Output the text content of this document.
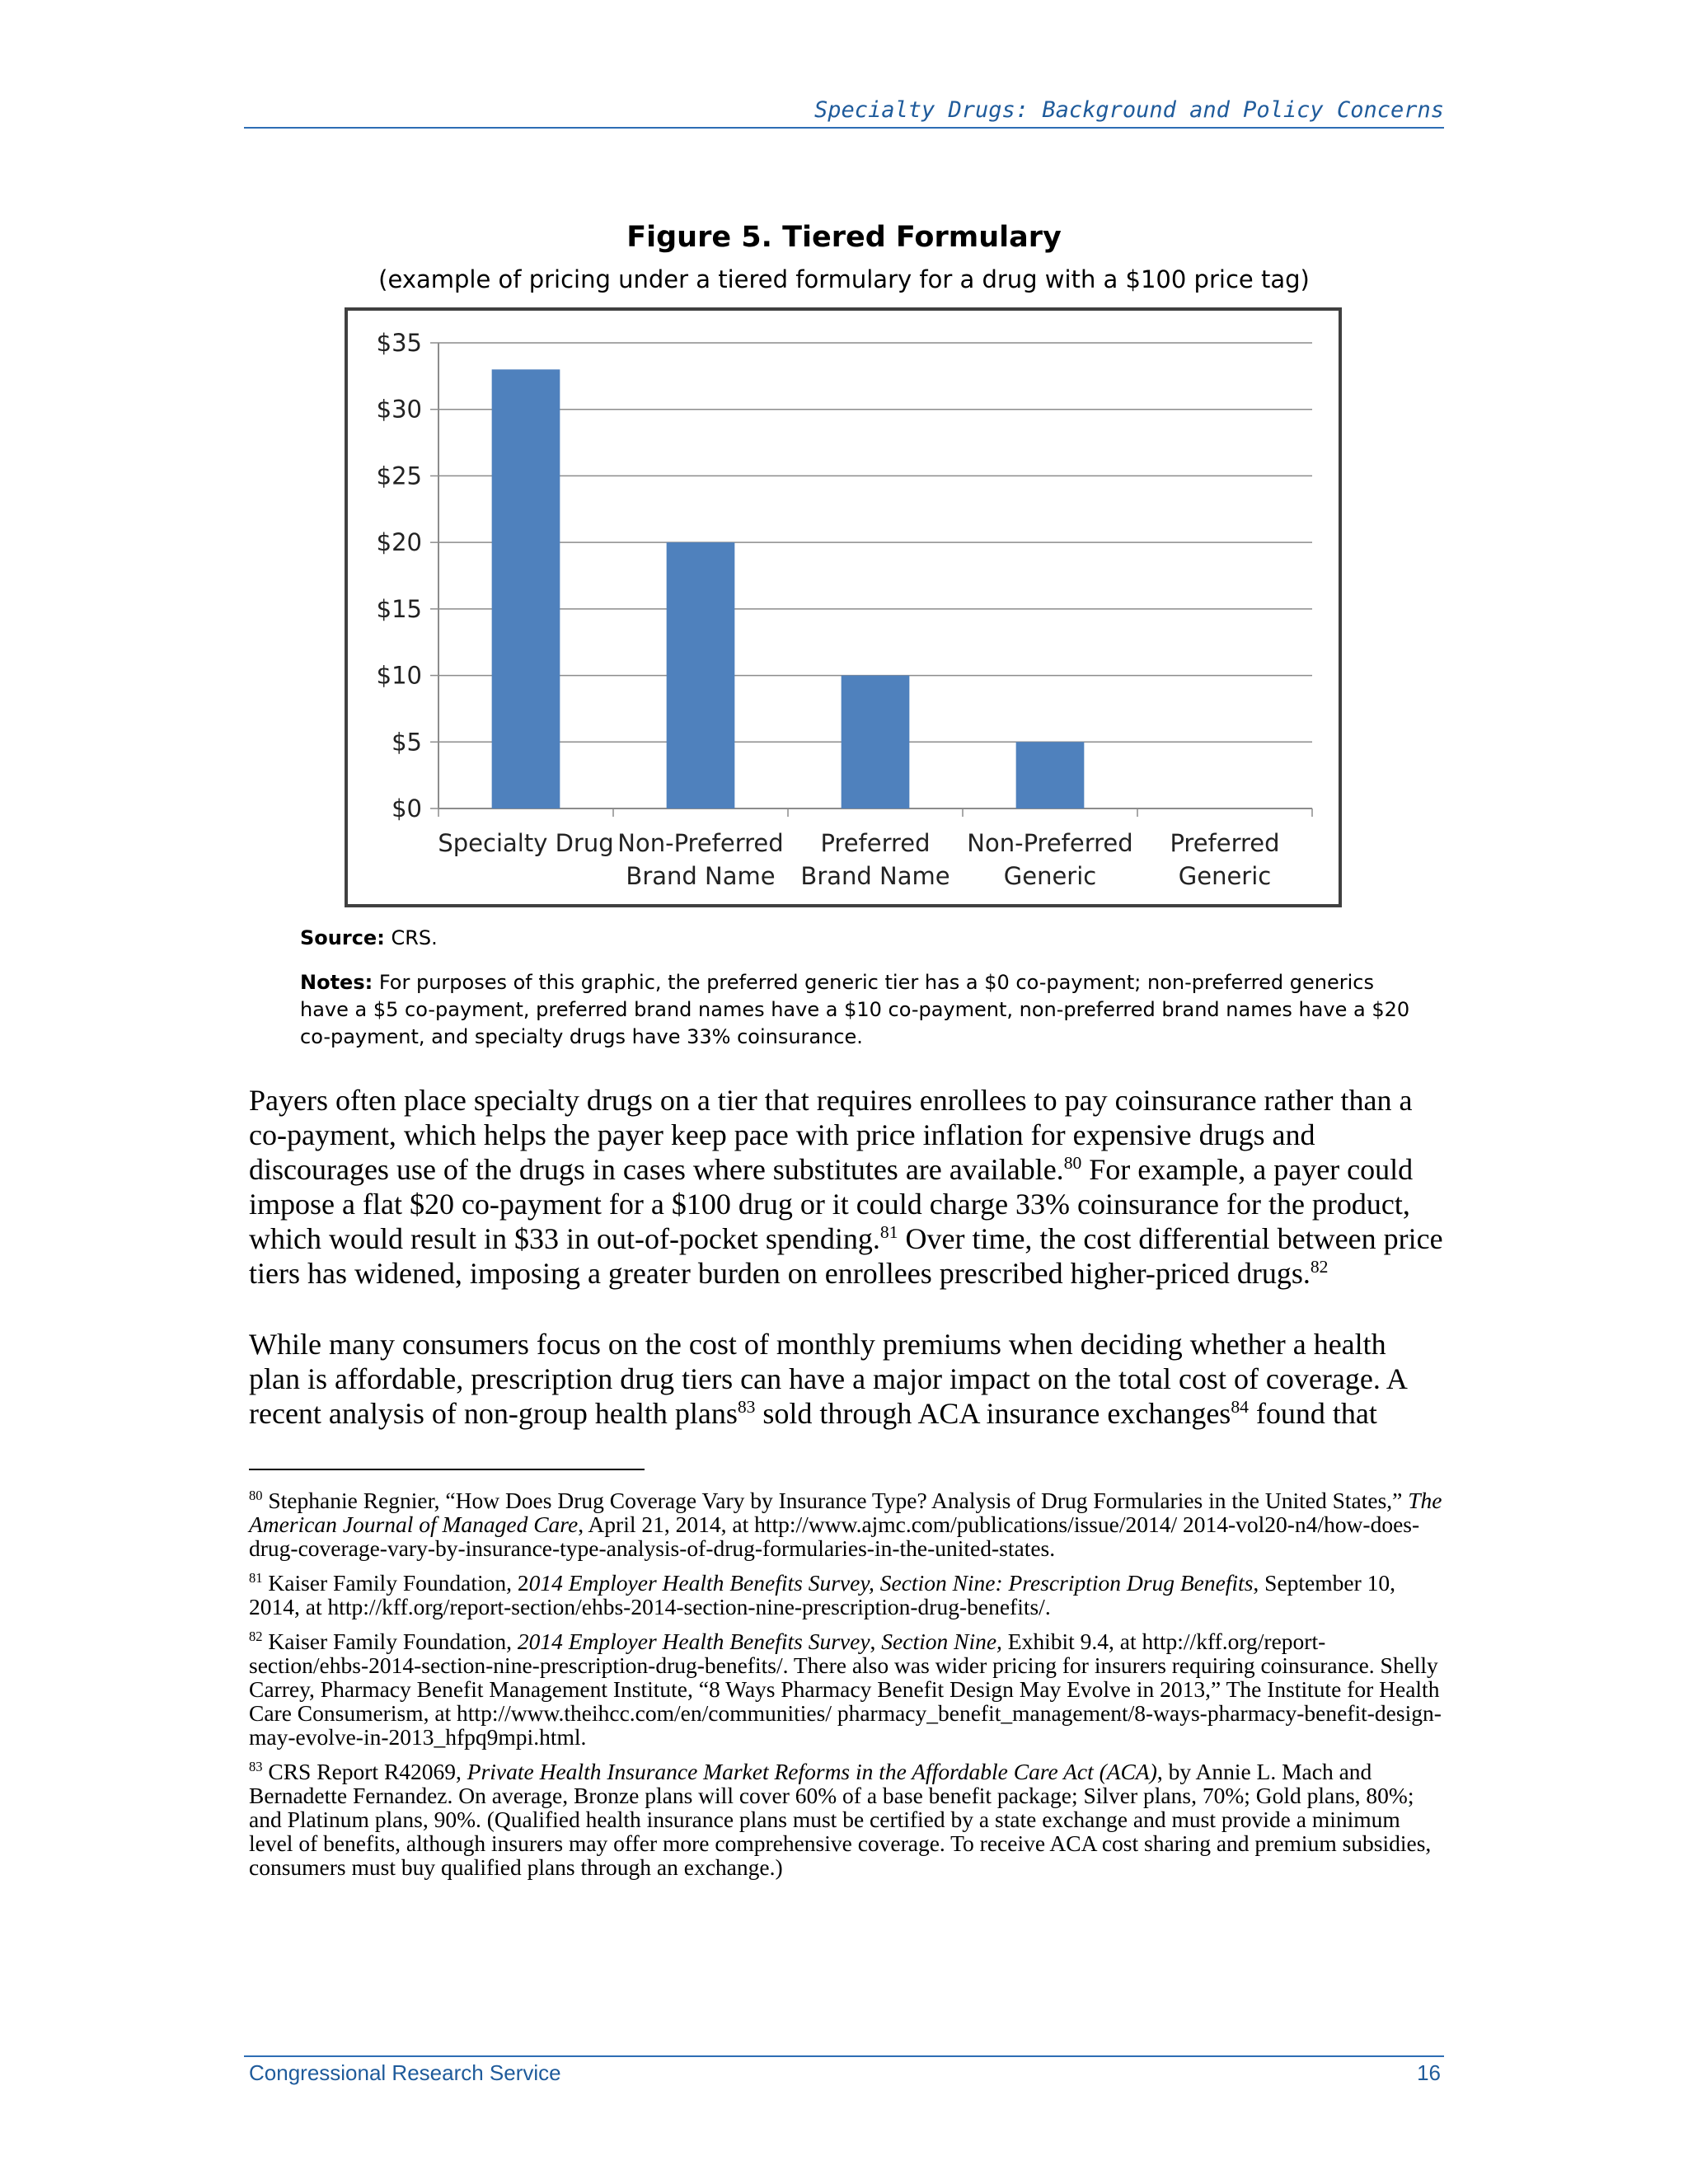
Specialty Drugs: Background and Policy Concerns
Figure 5. Tiered Formulary
(example of pricing under a tiered formulary for a drug with a $100 price tag)
$0
$5
$10
$15
$20
$25
$30
$35
Specialty Drug Non-Preferred
Brand Name
Preferred
Brand Name
Non-Preferred
Generic
Preferred
Generic
Source: CRS.
Notes: For purposes of this graphic, the preferred generic tier has a $0 co-payment; non-preferred generics have a $5 co-payment, preferred brand names have a $10 co-payment, non-preferred brand names have a $20 co-payment, and specialty drugs have 33% coinsurance.

Payers often place specialty drugs on a tier that requires enrollees to pay coinsurance rather than a co-payment, which helps the payer keep pace with price inflation for expensive drugs and discourages use of the drugs in cases where substitutes are available.$^{80}$ For example, a payer could impose a flat $20 co-payment for a $100 drug or it could charge 33% coinsurance for the product, which would result in $33 in out-of-pocket spending.$^{81}$ Over time, the cost differential between price tiers has widened, imposing a greater burden on enrollees prescribed higher-priced drugs.$^{82}$

While many consumers focus on the cost of monthly premiums when deciding whether a health plan is affordable, prescription drug tiers can have a major impact on the total cost of coverage. A recent analysis of non-group health plans$^{83}$ sold through ACA insurance exchanges$^{84}$ found that

$^{80}$ Stephanie Regnier, “How Does Drug Coverage Vary by Insurance Type? Analysis of Drug Formularies in the United States,” The American Journal of Managed Care, April 21, 2014, at http://www.ajmc.com/publications/issue/2014/ 2014-vol20-n4/how-does-drug-coverage-vary-by-insurance-type-analysis-of-drug-formularies-in-the-united-states.

$^{81}$ Kaiser Family Foundation, 2014 Employer Health Benefits Survey, Section Nine: Prescription Drug Benefits, September 10, 2014, at http://kff.org/report-section/ehbs-2014-section-nine-prescription-drug-benefits/.

$^{82}$ Kaiser Family Foundation, 2014 Employer Health Benefits Survey, Section Nine, Exhibit 9.4, at http://kff.org/report-section/ehbs-2014-section-nine-prescription-drug-benefits/. There also was wider pricing for insurers requiring coinsurance. Shelly Carrey, Pharmacy Benefit Management Institute, “8 Ways Pharmacy Benefit Design May Evolve in 2013,” The Institute for Health Care Consumerism, at http://www.theihcc.com/en/communities/ pharmacy_benefit_management/8-ways-pharmacy-benefit-design-may-evolve-in-2013_hfpq9mpi.html.

$^{83}$ CRS Report R42069, Private Health Insurance Market Reforms in the Affordable Care Act (ACA), by Annie L. Mach and Bernadette Fernandez. On average, Bronze plans will cover 60% of a base benefit package; Silver plans, 70%; Gold plans, 80%; and Platinum plans, 90%. (Qualified health insurance plans must be certified by a state exchange and must provide a minimum level of benefits, although insurers may offer more comprehensive coverage. To receive ACA cost sharing and premium subsidies, consumers must buy qualified plans through an exchange.)

Congressional Research Service	16
